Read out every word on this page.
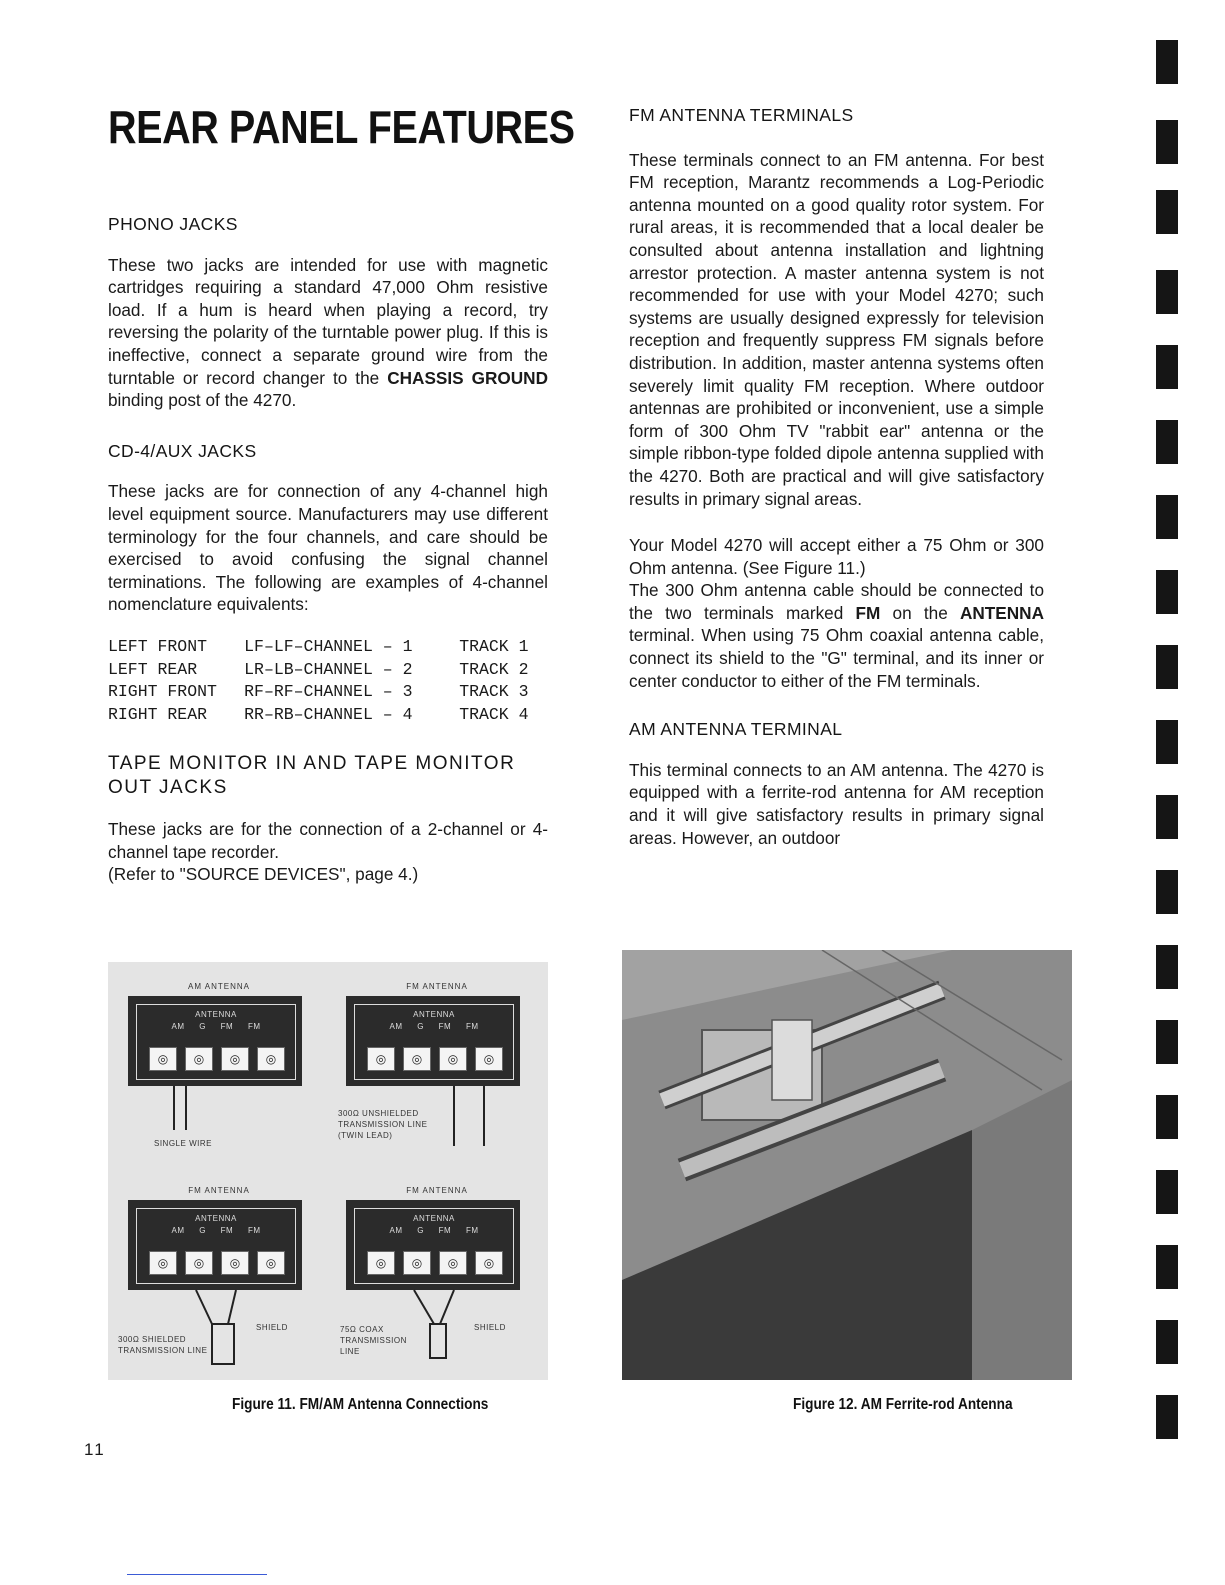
REAR PANEL FEATURES
PHONO JACKS

These two jacks are intended for use with magnetic cartridges requiring a standard 47,000 Ohm resistive load. If a hum is heard when playing a record, try reversing the polarity of the turntable power plug. If this is ineffective, connect a separate ground wire from the turntable or record changer to the CHASSIS GROUND binding post of the 4270.

CD-4/AUX JACKS

These jacks are for connection of any 4-channel high level equipment source. Manufacturers may use different terminology for the four channels, and care should be exercised to avoid confusing the signal channel terminations. The following are examples of 4-channel nomenclature equivalents:

LEFT FRONT	LF–LF–CHANNEL – 1	TRACK 1
LEFT REAR	LR–LB–CHANNEL – 2	TRACK 2
RIGHT FRONT	RF–RF–CHANNEL – 3	TRACK 3
RIGHT REAR	RR–RB–CHANNEL – 4	TRACK 4
TAPE MONITOR IN AND TAPE MONITOR OUT JACKS

These jacks are for the connection of a 2-channel or 4-channel tape recorder.

(Refer to "SOURCE DEVICES", page 4.)

FM ANTENNA TERMINALS

These terminals connect to an FM antenna. For best FM reception, Marantz recommends a Log-Periodic antenna mounted on a good quality rotor system. For rural areas, it is recommended that a local dealer be consulted about antenna installation and lightning arrestor protection. A master antenna system is not recommended for use with your Model 4270; such systems are usually designed expressly for television reception and frequently suppress FM signals before distribution. In addition, master antenna systems often severely limit quality FM reception. Where outdoor antennas are prohibited or inconvenient, use a simple form of 300 Ohm TV "rabbit ear" antenna or the simple ribbon-type folded dipole antenna supplied with the 4270. Both are practical and will give satisfactory results in primary signal areas.

Your Model 4270 will accept either a 75 Ohm or 300 Ohm antenna. (See Figure 11.)

The 300 Ohm antenna cable should be connected to the two terminals marked FM on the ANTENNA terminal. When using 75 Ohm coaxial antenna cable, connect its shield to the "G" terminal, and its inner or center conductor to either of the FM terminals.

AM ANTENNA TERMINAL

This terminal connects to an AM antenna. The 4270 is equipped with a ferrite-rod antenna for AM reception and it will give satisfactory results in primary signal areas. However, an outdoor

AM ANTENNA
ANTENNA
AM G FM FM
◎	◎	◎	◎
SINGLE WIRE
FM ANTENNA
ANTENNA
AM G FM FM
◎	◎	◎	◎
300Ω UNSHIELDED TRANSMISSION LINE (TWIN LEAD)
FM ANTENNA
ANTENNA
AM G FM FM
◎	◎	◎	◎
300Ω SHIELDED TRANSMISSION LINE
SHIELD
FM ANTENNA
ANTENNA
AM G FM FM
◎	◎	◎	◎
75Ω COAX TRANSMISSION LINE
SHIELD
Figure 11. FM/AM Antenna Connections	Figure 12. AM Ferrite-rod Antenna
11
